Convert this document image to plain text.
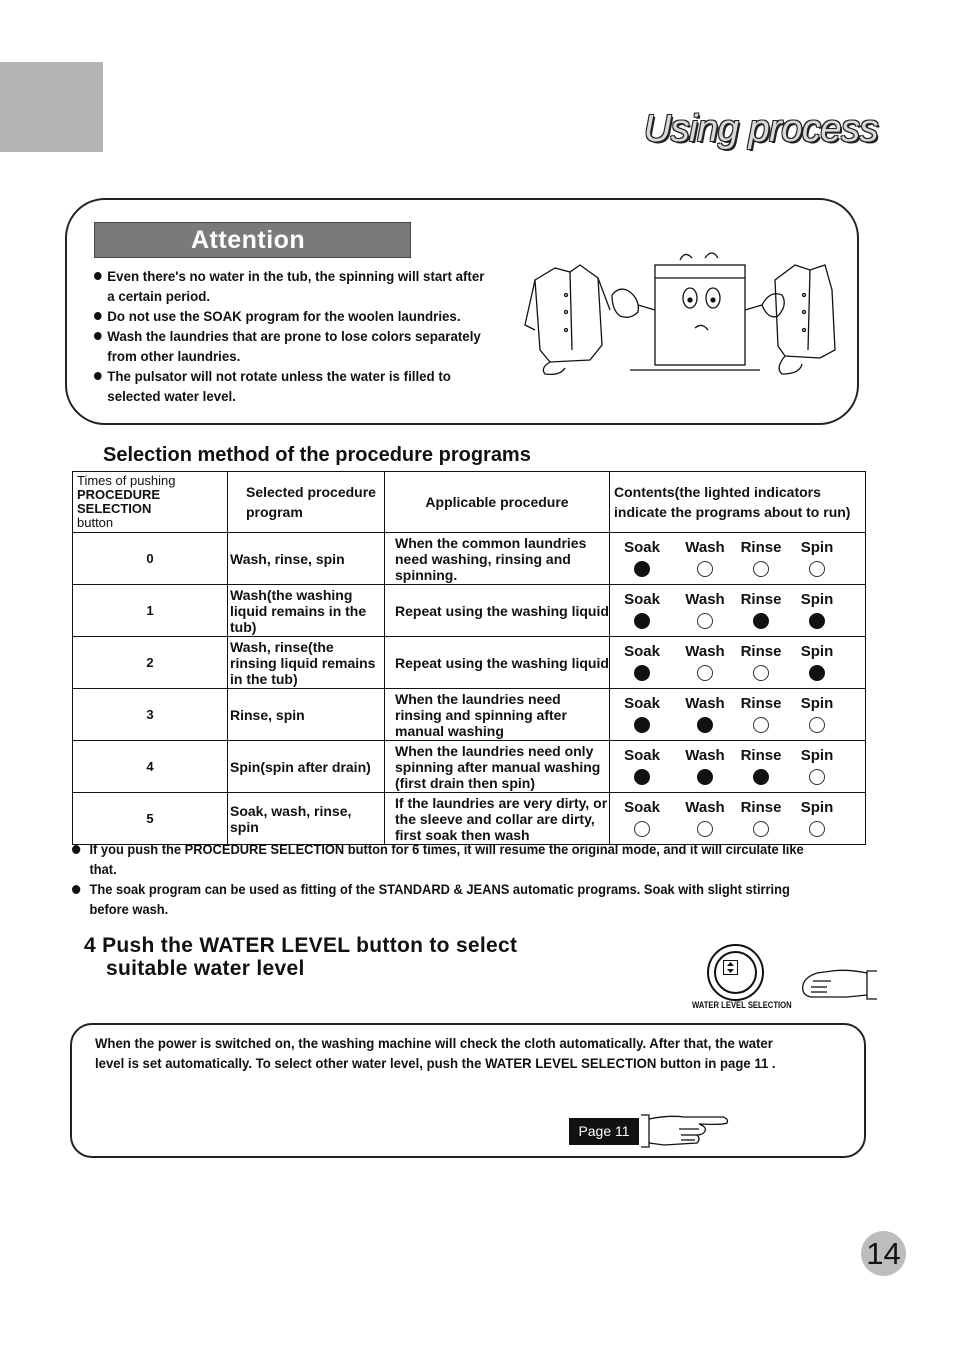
Using process
Attention
Even there's no water in the tub, the spinning will start after a certain period.
Do not use the SOAK program for the woolen laundries.
Wash the laundries that are prone to lose colors separately from other laundries.
The pulsator will not rotate unless the water is filled to selected water level.
Selection method of the procedure programs
Times of pushing

PROCEDURE SELECTION
button	Selected procedure program	Applicable procedure	Contents(the lighted indicators indicate the programs about to run)
0	Wash, rinse, spin	When the common laundries need washing, rinsing and spinning.	Soak Wash Rinse Spin

1	Wash(the washing liquid remains in the tub)	Repeat using the washing liquid	Soak Wash Rinse Spin

2	Wash, rinse(the rinsing liquid remains in the tub)	Repeat using the washing liquid	Soak Wash Rinse Spin

3	Rinse, spin	When the laundries need rinsing and spinning after manual washing	Soak Wash Rinse Spin

4	Spin(spin after drain)	When the laundries need only spinning after manual washing (first drain then spin)	Soak Wash Rinse Spin

5	Soak, wash, rinse, spin	If the laundries are very dirty, or the sleeve and collar are dirty, first soak then wash	Soak Wash Rinse Spin
If you push the PROCEDURE SELECTION button for 6 times, it will resume the original mode, and it will circulate like that.
The soak program can be used as fitting of the STANDARD & JEANS automatic programs. Soak with slight stirring before wash.
4 Push the WATER LEVEL button to select
suitable water level
WATER LEVEL SELECTION
When the power is switched on, the washing machine will check the cloth automatically. After that, the water level is set automatically. To select other water level, push the WATER LEVEL SELECTION button in page 11 .
Page 11
14
